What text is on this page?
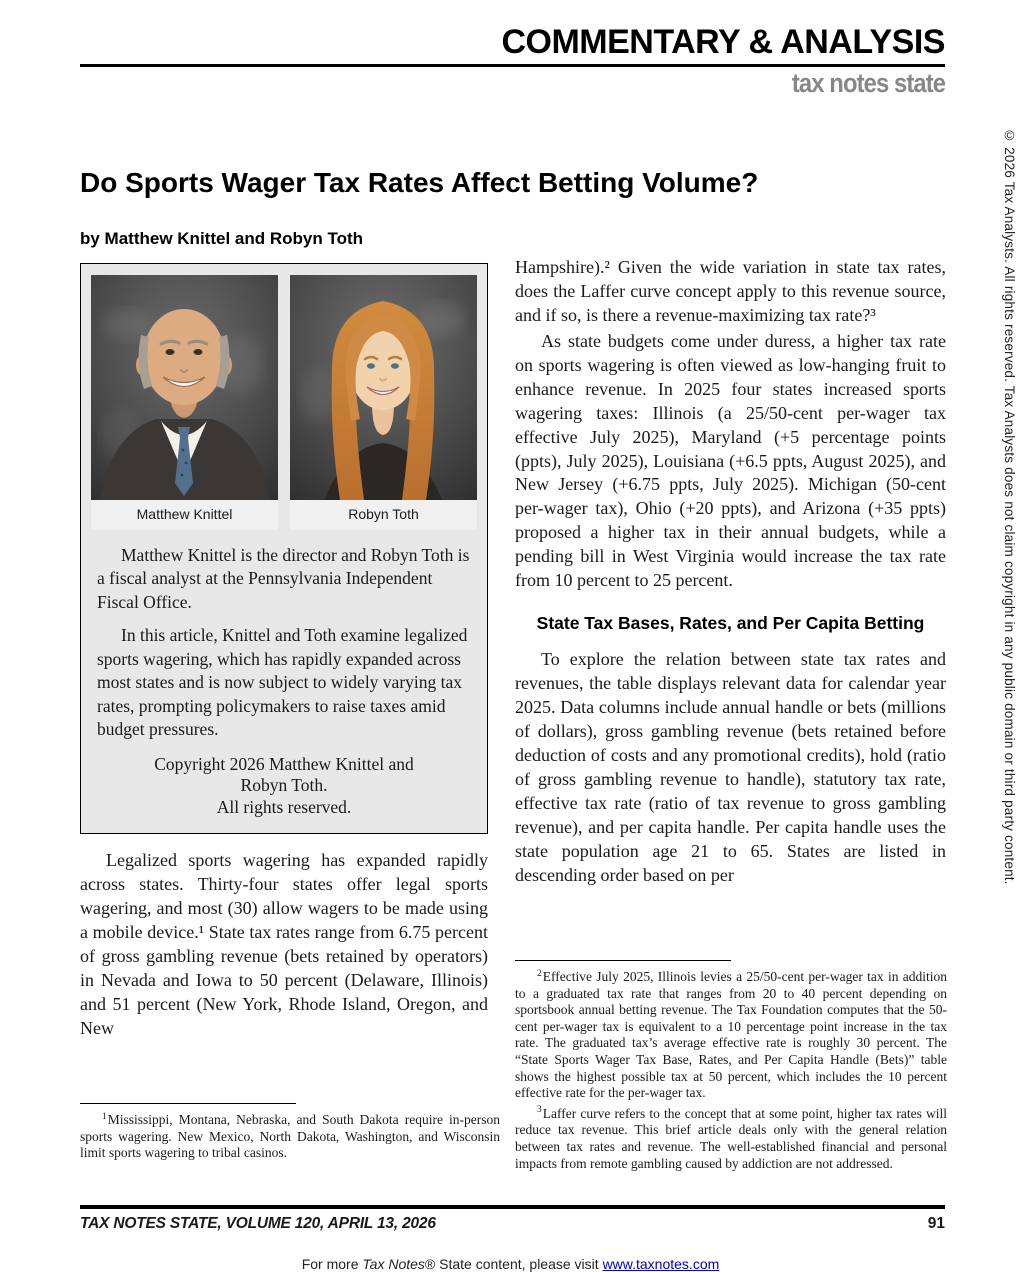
COMMENTARY & ANALYSIS
tax notes state
Do Sports Wager Tax Rates Affect Betting Volume?
by Matthew Knittel and Robyn Toth
Matthew Knittel	Robyn Toth

Matthew Knittel is the director and Robyn Toth is a fiscal analyst at the Pennsylvania Independent Fiscal Office.

In this article, Knittel and Toth examine legalized sports wagering, which has rapidly expanded across most states and is now subject to widely varying tax rates, prompting policymakers to raise taxes amid budget pressures.

Copyright 2026 Matthew Knittel and
Robyn Toth.
All rights reserved.

Legalized sports wagering has expanded rapidly across states. Thirty-four states offer legal sports wagering, and most (30) allow wagers to be made using a mobile device.¹ State tax rates range from 6.75 percent of gross gambling revenue (bets retained by operators) in Nevada and Iowa to 50 percent (Delaware, Illinois) and 51 percent (New York, Rhode Island, Oregon, and New

Hampshire).² Given the wide variation in state tax rates, does the Laffer curve concept apply to this revenue source, and if so, is there a revenue-maximizing tax rate?³

As state budgets come under duress, a higher tax rate on sports wagering is often viewed as low-hanging fruit to enhance revenue. In 2025 four states increased sports wagering taxes: Illinois (a 25/50-cent per-wager tax effective July 2025), Maryland (+5 percentage points (ppts), July 2025), Louisiana (+6.5 ppts, August 2025), and New Jersey (+6.75 ppts, July 2025). Michigan (50-cent per-wager tax), Ohio (+20 ppts), and Arizona (+35 ppts) proposed a higher tax in their annual budgets, while a pending bill in West Virginia would increase the tax rate from 10 percent to 25 percent.

State Tax Bases, Rates, and Per Capita Betting

To explore the relation between state tax rates and revenues, the table displays relevant data for calendar year 2025. Data columns include annual handle or bets (millions of dollars), gross gambling revenue (bets retained before deduction of costs and any promotional credits), hold (ratio of gross gambling revenue to handle), statutory tax rate, effective tax rate (ratio of tax revenue to gross gambling revenue), and per capita handle. Per capita handle uses the state population age 21 to 65. States are listed in descending order based on per

$^1$Mississippi, Montana, Nebraska, and South Dakota require in-person sports wagering. New Mexico, North Dakota, Washington, and Wisconsin limit sports wagering to tribal casinos.

$^2$Effective July 2025, Illinois levies a 25/50-cent per-wager tax in addition to a graduated tax rate that ranges from 20 to 40 percent depending on sportsbook annual betting revenue. The Tax Foundation computes that the 50-cent per-wager tax is equivalent to a 10 percentage point increase in the tax rate. The graduated tax’s average effective rate is roughly 30 percent. The “State Sports Wager Tax Base, Rates, and Per Capita Handle (Bets)” table shows the highest possible tax at 50 percent, which includes the 10 percent effective rate for the per-wager tax.

$^3$Laffer curve refers to the concept that at some point, higher tax rates will reduce tax revenue. This brief article deals only with the general relation between tax rates and revenue. The well-established financial and personal impacts from remote gambling caused by addiction are not addressed.

TAX NOTES STATE, VOLUME 120, APRIL 13, 2026	91
For more Tax Notes® State content, please visit www.taxnotes.com
© 2026 Tax Analysts. All rights reserved. Tax Analysts does not claim copyright in any public domain or third party content.
